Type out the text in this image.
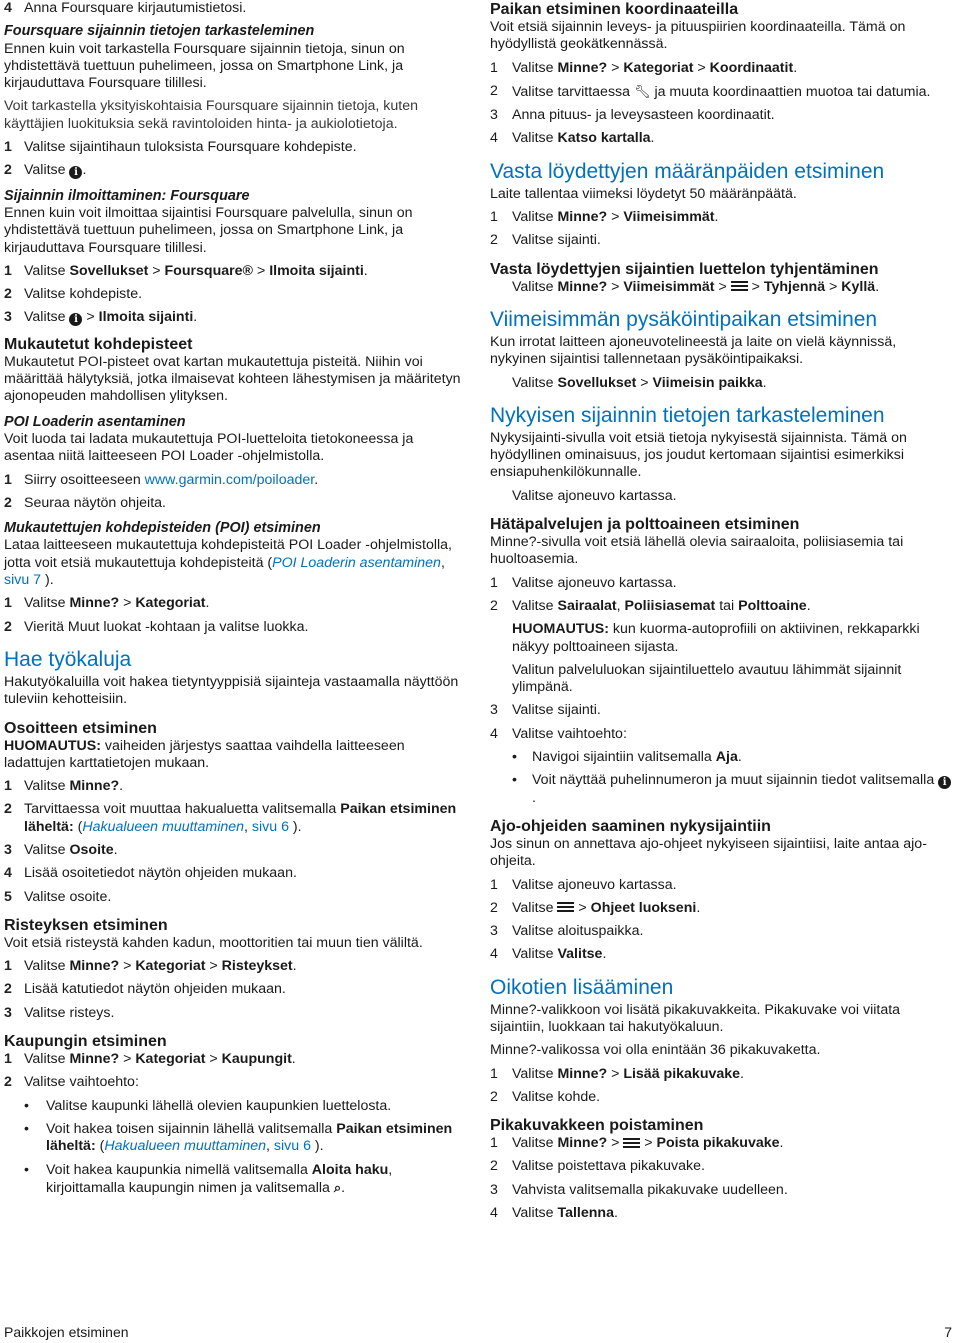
4 Anna Foursquare kirjautumistietosi.
Foursquare sijainnin tietojen tarkasteleminen

Ennen kuin voit tarkastella Foursquare sijainnin tietoja, sinun on yhdistettävä tuettuun puhelimeen, jossa on Smartphone Link, ja kirjauduttava Foursquare tilillesi.

Voit tarkastella yksityiskohtaisia Foursquare sijainnin tietoja, kuten käyttäjien luokituksia sekä ravintoloiden hinta- ja aukiolotietoja.

1 Valitse sijaintihaun tuloksista Foursquare kohdepiste.
2 Valitse i .
Sijainnin ilmoittaminen: Foursquare

Ennen kuin voit ilmoittaa sijaintisi Foursquare palvelulla, sinun on yhdistettävä tuettuun puhelimeen, jossa on Smartphone Link, ja kirjauduttava Foursquare tilillesi.

1 Valitse Sovellukset > Foursquare® > Ilmoita sijainti.
2 Valitse kohdepiste.
3 Valitse i > Ilmoita sijainti.
Mukautetut kohdepisteet

Mukautetut POI-pisteet ovat kartan mukautettuja pisteitä. Niihin voi määrittää hälytyksiä, jotka ilmaisevat kohteen lähestymisen ja määritetyn ajonopeuden mahdollisen ylityksen.

POI Loaderin asentaminen

Voit luoda tai ladata mukautettuja POI-luetteloita tietokoneessa ja asentaa niitä laitteeseen POI Loader -ohjelmistolla.

1 Siirry osoitteeseen www.garmin.com/poiloader.
2 Seuraa näytön ohjeita.
Mukautettujen kohdepisteiden (POI) etsiminen

Lataa laitteeseen mukautettuja kohdepisteitä POI Loader -ohjelmistolla, jotta voit etsiä mukautettuja kohdepisteitä (POI Loaderin asentaminen, sivu 7 ).

1 Valitse Minne? > Kategoriat.
2 Vieritä Muut luokat -kohtaan ja valitse luokka.
Hae työkaluja

Hakutyökaluilla voit hakea tietyntyyppisiä sijainteja vastaamalla näyttöön tuleviin kehotteisiin.

Osoitteen etsiminen

HUOMAUTUS: vaiheiden järjestys saattaa vaihdella laitteeseen ladattujen karttatietojen mukaan.

1 Valitse Minne?.
2 Tarvittaessa voit muuttaa hakualuetta valitsemalla Paikan etsiminen läheltä: (Hakualueen muuttaminen, sivu 6 ).
3 Valitse Osoite.
4 Lisää osoitetiedot näytön ohjeiden mukaan.
5 Valitse osoite.
Risteyksen etsiminen

Voit etsiä risteystä kahden kadun, moottoritien tai muun tien väliltä.

1 Valitse Minne? > Kategoriat > Risteykset.
2 Lisää katutiedot näytön ohjeiden mukaan.
3 Valitse risteys.
Kaupungin etsiminen
1 Valitse Minne? > Kategoriat > Kaupungit.
2 Valitse vaihtoehto:
• Valitse kaupunki lähellä olevien kaupunkien luettelosta.
• Voit hakea toisen sijainnin lähellä valitsemalla Paikan etsiminen läheltä: (Hakualueen muuttaminen, sivu 6 ).
• Voit hakea kaupunkia nimellä valitsemalla Aloita haku, kirjoittamalla kaupungin nimen ja valitsemalla ⌕.
Paikan etsiminen koordinaateilla

Voit etsiä sijainnin leveys- ja pituuspiirien koordinaateilla. Tämä on hyödyllistä geokätkennässä.

1 Valitse Minne? > Kategoriat > Koordinaatit.
2 Valitse tarvittaessa 🔧︎ ja muuta koordinaattien muotoa tai datumia.
3 Anna pituus- ja leveysasteen koordinaatit.
4 Valitse Katso kartalla.
Vasta löydettyjen määränpäiden etsiminen

Laite tallentaa viimeksi löydetyt 50 määränpäätä.

1 Valitse Minne? > Viimeisimmät.
2 Valitse sijainti.
Vasta löydettyjen sijaintien luettelon tyhjentäminen

Valitse Minne? > Viimeisimmät >
> Tyhjennä > Kyllä.

Viimeisimmän pysäköintipaikan etsiminen

Kun irrotat laitteen ajoneuvotelineestä ja laite on vielä käynnissä, nykyinen sijaintisi tallennetaan pysäköintipaikaksi.

Valitse Sovellukset > Viimeisin paikka.

Nykyisen sijainnin tietojen tarkasteleminen

Nykysijainti-sivulla voit etsiä tietoja nykyisestä sijainnista. Tämä on hyödyllinen ominaisuus, jos joudut kertomaan sijaintisi esimerkiksi ensiapuhenkilökunnalle.

Valitse ajoneuvo kartassa.

Hätäpalvelujen ja polttoaineen etsiminen

Minne?-sivulla voit etsiä lähellä olevia sairaaloita, poliisiasemia tai huoltoasemia.

1 Valitse ajoneuvo kartassa.
2 Valitse Sairaalat, Poliisiasemat tai Polttoaine.

HUOMAUTUS: kun kuorma-autoprofiili on aktiivinen, rekkaparkki näkyy polttoaineen sijasta.

Valitun palveluluokan sijaintiluettelo avautuu lähimmät sijainnit ylimpänä.

3 Valitse sijainti.
4 Valitse vaihtoehto:
• Navigoi sijaintiin valitsemalla Aja.
• Voit näyttää puhelinnumeron ja muut sijainnin tiedot valitsemalla i.
Ajo-ohjeiden saaminen nykysijaintiin

Jos sinun on annettava ajo-ohjeet nykyiseen sijaintiisi, laite antaa ajo-ohjeita.

1 Valitse ajoneuvo kartassa.
2 Valitse
> Ohjeet luokseni.
3 Valitse aloituspaikka.
4 Valitse Valitse.
Oikotien lisääminen

Minne?-valikkoon voi lisätä pikakuvakkeita. Pikakuvake voi viitata sijaintiin, luokkaan tai hakutyökaluun.

Minne?-valikossa voi olla enintään 36 pikakuvaketta.

1 Valitse Minne? > Lisää pikakuvake.
2 Valitse kohde.
Pikakuvakkeen poistaminen
1 Valitse Minne? >
> Poista pikakuvake.
2 Valitse poistettava pikakuvake.
3 Vahvista valitsemalla pikakuvake uudelleen.
4 Valitse Tallenna.
Paikkojen etsiminen	7
